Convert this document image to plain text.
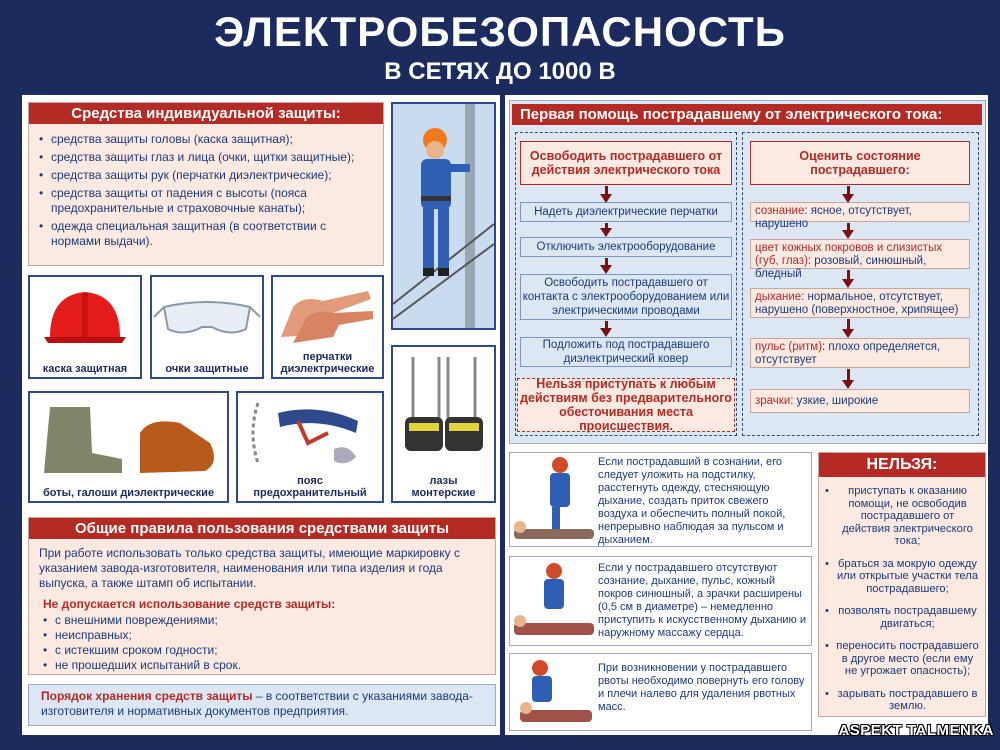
ЭЛЕКТРОБЕЗОПАСНОСТЬ
В СЕТЯХ ДО 1000 В
Средства индивидуальной защиты:
• средства защиты головы (каска защитная);
• средства защиты глаз и лица (очки, щитки защитные);
• средства защиты рук (перчатки диэлектрические);
• средства защиты от падения с высоты (пояса предохранительные и страховочные канаты);
• одежда специальная защитная (в соответствии с нормами выдачи).
каска защитная	очки защитные
перчатки
диэлектрические
боты, галоши диэлектрические
пояс
предохранительный
лазы
монтерские
Общие правила пользования средствами защиты
При работе использовать только средства защиты, имеющие маркировку с указанием завода-изготовителя, наименования или типа изделия и года выпуска, а также штамп об испытании.
Не допускается использование средств защиты:
• с внешними повреждениями;
• неисправных;
• с истекшим сроком годности;
• не прошедших испытаний в срок.
Порядок хранения средств защиты – в соответствии с указаниями завода-изготовителя и нормативных документов предприятия.
Первая помощь пострадавшему от электрического тока:
Освободить пострадавшего от действия электрического тока
Надеть диэлектрические перчатки
Отключить электрооборудование
Освободить пострадавшего от контакта с электрооборудованием или электрическими проводами
Подложить под пострадавшего диэлектрический ковер
Нельзя приступать к любым действиям без предварительного обесточивания места происшествия.
Оценить состояние пострадавшего:
сознание: ясное, отсутствует, нарушено
цвет кожных покровов и слизистых (губ, глаз): розовый, синюшный, бледный
дыхание: нормальное, отсутствует, нарушено (поверхностное, хрипящее)
пульс (ритм): плохо определяется, отсутствует
зрачки: узкие, широкие
Если пострадавший в сознании, его следует уложить на подстилку, расстегнуть одежду, стесняющую дыхание, создать приток свежего воздуха и обеспечить полный покой, непрерывно наблюдая за пульсом и дыханием.
Если у пострадавшего отсутствуют сознание, дыхание, пульс, кожный покров синюшный, а зрачки расширены (0,5 см в диаметре) – немедленно приступить к искусственному дыханию и наружному массажу сердца.
При возникновении у пострадавшего рвоты необходимо повернуть его голову и плечи налево для удаления рвотных масс.
НЕЛЬЗЯ:
• приступать к оказанию помощи, не освободив пострадавшего от действия электрического тока;
• браться за мокрую одежду или открытые участки тела пострадавшего;
• позволять пострадавшему двигаться;
• переносить пострадавшего в другое место (если ему не угрожает опасность);
• зарывать пострадавшего в землю.
ASPEKT TALMENKA
